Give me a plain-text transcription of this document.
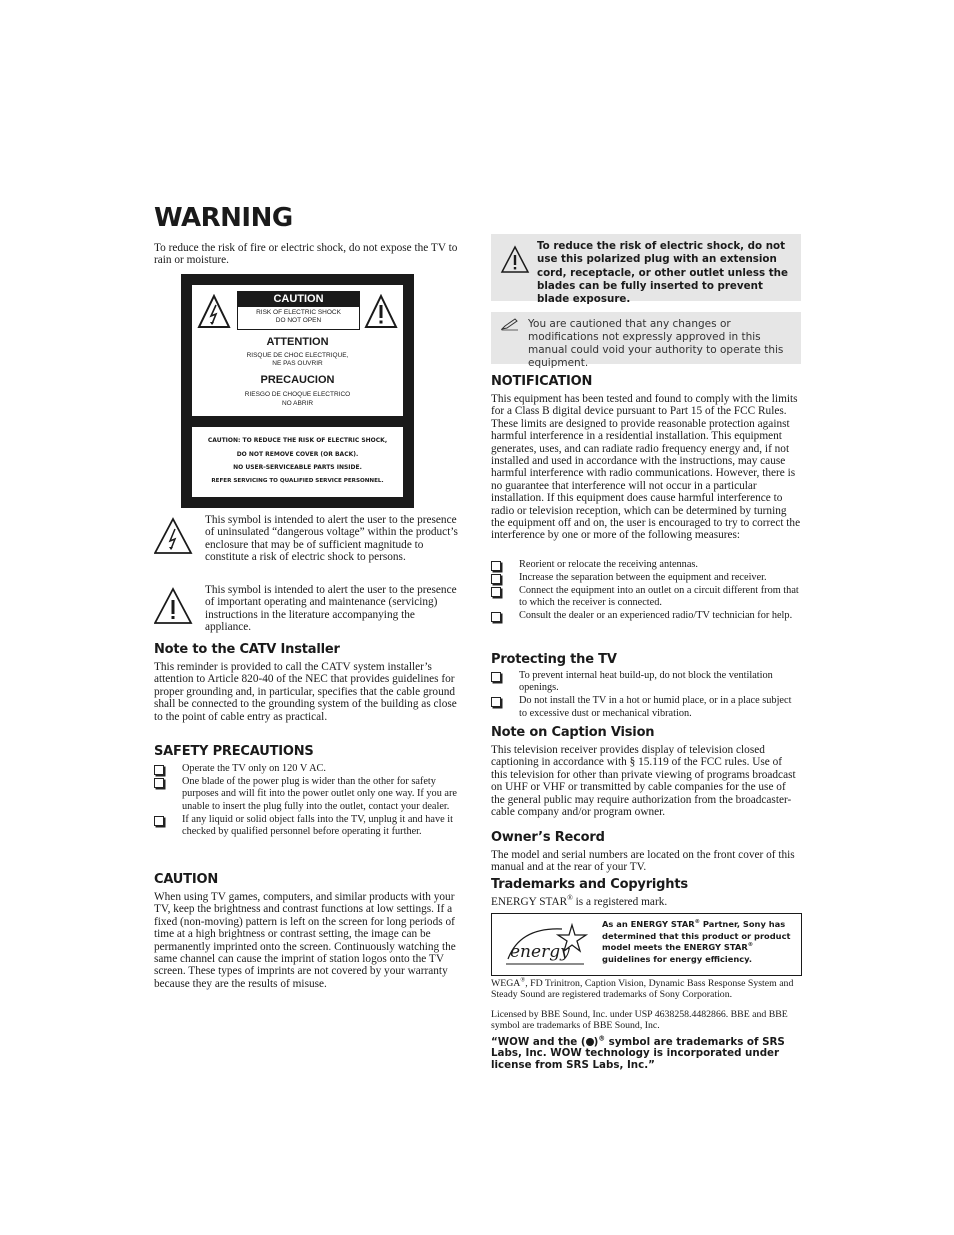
WARNING

To reduce the risk of fire or electric shock, do not expose the TV to rain or moisture.

CAUTION
RISK OF ELECTRIC SHOCK
DO NOT OPEN
ATTENTION
RISQUE DE CHOC ELECTRIQUE,
NE PAS OUVRIR
PRECAUCION
RIESGO DE CHOQUE ELECTRICO
NO ABRIR
CAUTION: TO REDUCE THE RISK OF ELECTRIC SHOCK,
DO NOT REMOVE COVER (OR BACK).
NO USER-SERVICEABLE PARTS INSIDE.
REFER SERVICING TO QUALIFIED SERVICE PERSONNEL.

This symbol is intended to alert the user to the presence of uninsulated “dangerous voltage” within the product’s enclosure that may be of sufficient magnitude to constitute a risk of electric shock to persons.

This symbol is intended to alert the user to the presence of important operating and maintenance (servicing) instructions in the literature accompanying the appliance.

Note to the CATV Installer

This reminder is provided to call the CATV system installer’s attention to Article 820-40 of the NEC that provides guidelines for proper grounding and, in particular, specifies that the cable ground shall be connected to the grounding system of the building as close to the point of cable entry as practical.

SAFETY PRECAUTIONS
Operate the TV only on 120 V AC.
One blade of the power plug is wider than the other for safety purposes and will fit into the power outlet only one way. If you are unable to insert the plug fully into the outlet, contact your dealer.
If any liquid or solid object falls into the TV, unplug it and have it checked by qualified personnel before operating it further.
CAUTION

When using TV games, computers, and similar products with your TV, keep the brightness and contrast functions at low settings. If a fixed (non-moving) pattern is left on the screen for long periods of time at a high brightness or contrast setting, the image can be permanently imprinted onto the screen. Continuously watching the same channel can cause the imprint of station logos onto the TV screen. These types of imprints are not covered by your warranty because they are the results of misuse.

To reduce the risk of electric shock, do not use this polarized plug with an extension cord, receptacle, or other outlet unless the blades can be fully inserted to prevent blade exposure.

You are cautioned that any changes or modifications not expressly approved in this manual could void your authority to operate this equipment.

NOTIFICATION

This equipment has been tested and found to comply with the limits for a Class B digital device pursuant to Part 15 of the FCC Rules. These limits are designed to provide reasonable protection against harmful interference in a residential installation. This equipment generates, uses, and can radiate radio frequency energy and, if not installed and used in accordance with the instructions, may cause harmful interference with radio communications. However, there is no guarantee that interference will not occur in a particular installation. If this equipment does cause harmful interference to radio or television reception, which can be determined by turning the equipment off and on, the user is encouraged to try to correct the interference by one or more of the following measures:

Reorient or relocate the receiving antennas.
Increase the separation between the equipment and receiver.
Connect the equipment into an outlet on a circuit different from that to which the receiver is connected.
Consult the dealer or an experienced radio/TV technician for help.
Protecting the TV
To prevent internal heat build-up, do not block the ventilation openings.
Do not install the TV in a hot or humid place, or in a place subject to excessive dust or mechanical vibration.
Note on Caption Vision

This television receiver provides display of television closed captioning in accordance with § 15.119 of the FCC rules. Use of this television for other than private viewing of programs broadcast on UHF or VHF or transmitted by cable companies for the use of the general public may require authorization from the broadcaster-cable company and/or program owner.

Owner’s Record

The model and serial numbers are located on the front cover of this manual and at the rear of your TV.

Trademarks and Copyrights

ENERGY STAR® is a registered mark.

energy

As an ENERGY STAR® Partner, Sony has determined that this product or product model meets the ENERGY STAR® guidelines for energy efficiency.

WEGA®, FD Trinitron, Caption Vision, Dynamic Bass Response System and Steady Sound are registered trademarks of Sony Corporation.

Licensed by BBE Sound, Inc. under USP 4638258.4482866. BBE and BBE symbol are trademarks of BBE Sound, Inc.

“WOW and the ( )® symbol are trademarks of SRS Labs, Inc. WOW technology is incorporated under license from SRS Labs, Inc.”
